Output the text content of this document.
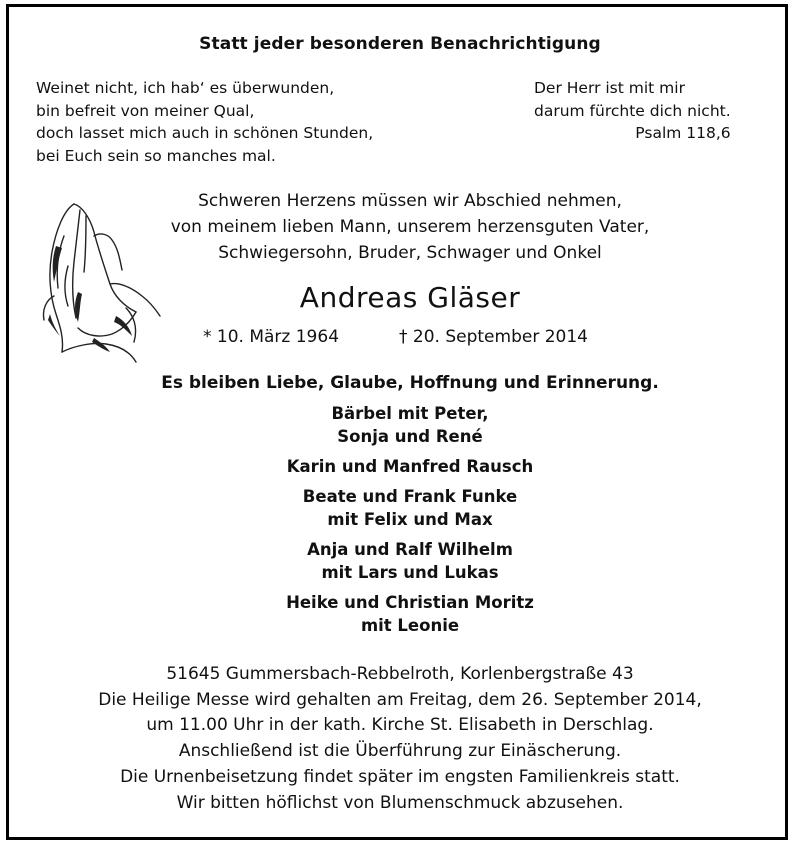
Statt jeder besonderen Benachrichtigung
Weinet nicht, ich hab‘ es überwunden,
bin befreit von meiner Qual,
doch lasset mich auch in schönen Stunden,
bei Euch sein so manches mal.
Der Herr ist mit mir
darum fürchte dich nicht.
Psalm 118,6
Schweren Herzens müssen wir Abschied nehmen,
von meinem lieben Mann, unserem herzensguten Vater,
Schwiegersohn, Bruder, Schwager und Onkel
Andreas Gläser
* 10. März 1964	† 20. September 2014
Es bleiben Liebe, Glaube, Hoffnung und Erinnerung.
Bärbel mit Peter,
Sonja und René
Karin und Manfred Rausch
Beate und Frank Funke
mit Felix und Max
Anja und Ralf Wilhelm
mit Lars und Lukas
Heike und Christian Moritz
mit Leonie
51645 Gummersbach-Rebbelroth, Korlenbergstraße 43
Die Heilige Messe wird gehalten am Freitag, dem 26. September 2014,
um 11.00 Uhr in der kath. Kirche St. Elisabeth in Derschlag.
Anschließend ist die Überführung zur Einäscherung.
Die Urnenbeisetzung findet später im engsten Familienkreis statt.
Wir bitten höflichst von Blumenschmuck abzusehen.
